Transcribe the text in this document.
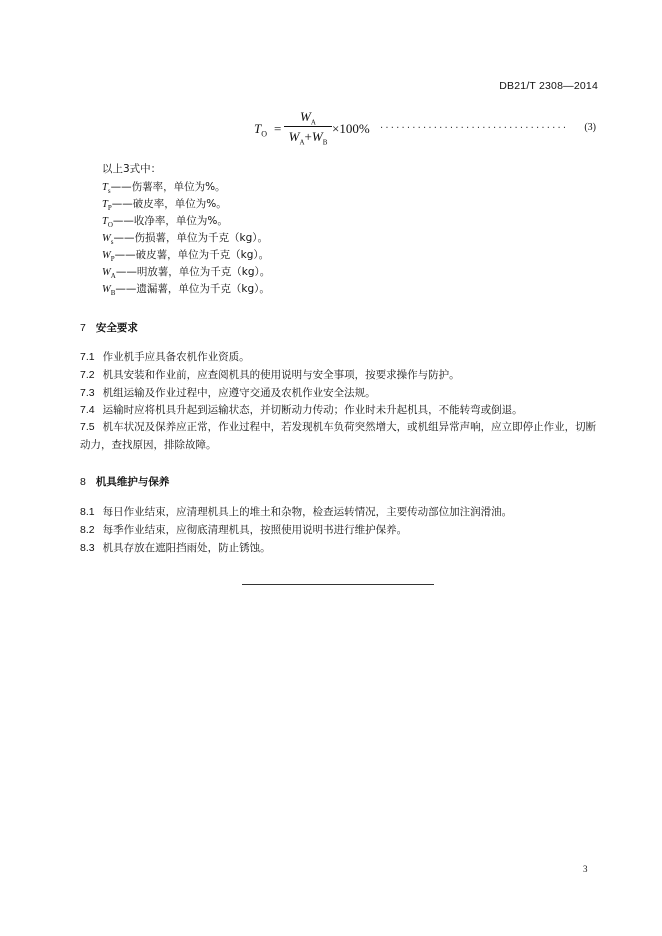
DB21/T 2308—2014
$T_O$ =
$W_A$
$W_A+W_B$
×100% ................................... (3)
以上3式中：
$T_s——$伤薯率，单位为%。
$T_P——$破皮率，单位为%。
$T_O——$收净率，单位为%。
$W_s——$伤损薯，单位为千克（kg）。
$W_P——$破皮薯，单位为千克（kg）。
$W_A——$明放薯，单位为千克（kg）。
$W_B——$遗漏薯，单位为千克（kg）。
7 安全要求
7.1 作业机手应具备农机作业资质。
7.2 机具安装和作业前，应查阅机具的使用说明与安全事项，按要求操作与防护。
7.3 机组运输及作业过程中，应遵守交通及农机作业安全法规。
7.4 运输时应将机具升起到运输状态，并切断动力传动；作业时未升起机具，不能转弯或倒退。
7.5 机车状况及保养应正常，作业过程中，若发现机车负荷突然增大，或机组异常声响，应立即停止作业，切断动力，查找原因，排除故障。
8 机具维护与保养
8.1 每日作业结束，应清理机具上的堆土和杂物，检查运转情况，主要传动部位加注润滑油。
8.2 每季作业结束，应彻底清理机具，按照使用说明书进行维护保养。
8.3 机具存放在遮阳挡雨处，防止锈蚀。
3
